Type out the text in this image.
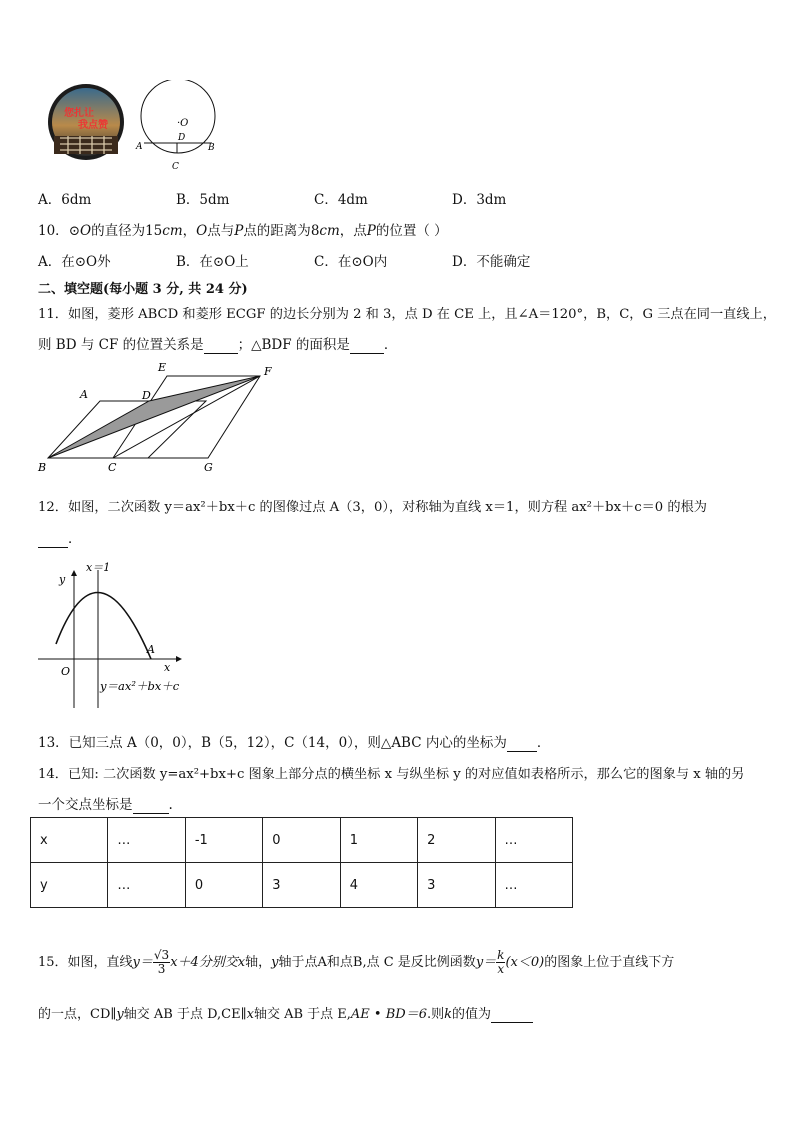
您扎让
我点赞	·O
D
A	B
C
A．6dm	B．5dm	C．4dm	D．3dm
10．⊙O的直径为15cm，O点与P点的距离为8cm，点P的位置（ ）
A．在⊙O外	B．在⊙O上	C．在⊙O内	D．不能确定
二、填空题(每小题 3 分, 共 24 分)
11．如图，菱形 ABCD 和菱形 ECGF 的边长分别为 2 和 3，点 D 在 CE 上，且∠A＝120°，B，C，G 三点在同一直线上，
则 BD 与 CF 的位置关系是	；△BDF 的面积是	．
A
B	C
D
E	F
G
12．如图，二次函数 y＝ax²＋bx＋c 的图像过点 A（3，0），对称轴为直线 x＝1，则方程 ax²＋bx＋c＝0 的根为
．
x＝1
y
x
O
A
y＝ax²＋bx＋c
13．已知三点 A（0，0），B（5，12），C（14，0），则△ABC 内心的坐标为 ．
14．已知: 二次函数 y=ax²+bx+c 图象上部分点的横坐标 x 与纵坐标 y 的对应值如表格所示，那么它的图象与 x 轴的另
一个交点坐标是	.
x	…	-1	0	1	2	…
y	…	0	3	4	3	…
15．如图，直线$y= \frac{√3}{3} x+4$分别交x轴，y轴于点A和点B,点 C 是反比例函数$y= \frac{k}{x} (x<0)$的图象上位于直线下方
的一点，CD∥y轴交 AB 于点 D,CE∥x轴交 AB 于点 E,AE • BD＝6.则k的值为
